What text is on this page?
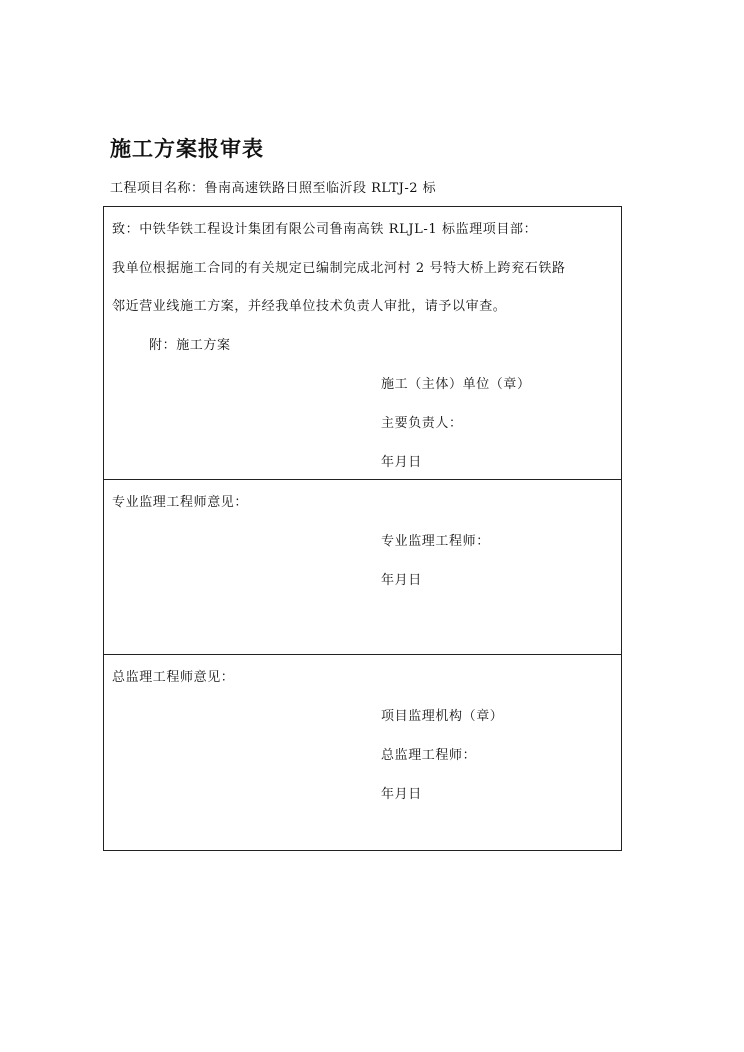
施工方案报审表
工程项目名称：鲁南高速铁路日照至临沂段 RLTJ-2 标
致：中铁华铁工程设计集团有限公司鲁南高铁 RLJL-1 标监理项目部：
我单位根据施工合同的有关规定已编制完成北河村 2 号特大桥上跨兖石铁路
邻近营业线施工方案，并经我单位技术负责人审批，请予以审查。
附：施工方案
施工（主体）单位（章）
主要负责人：
年月日
专业监理工程师意见：
专业监理工程师：
年月日
总监理工程师意见：
项目监理机构（章）
总监理工程师：
年月日
